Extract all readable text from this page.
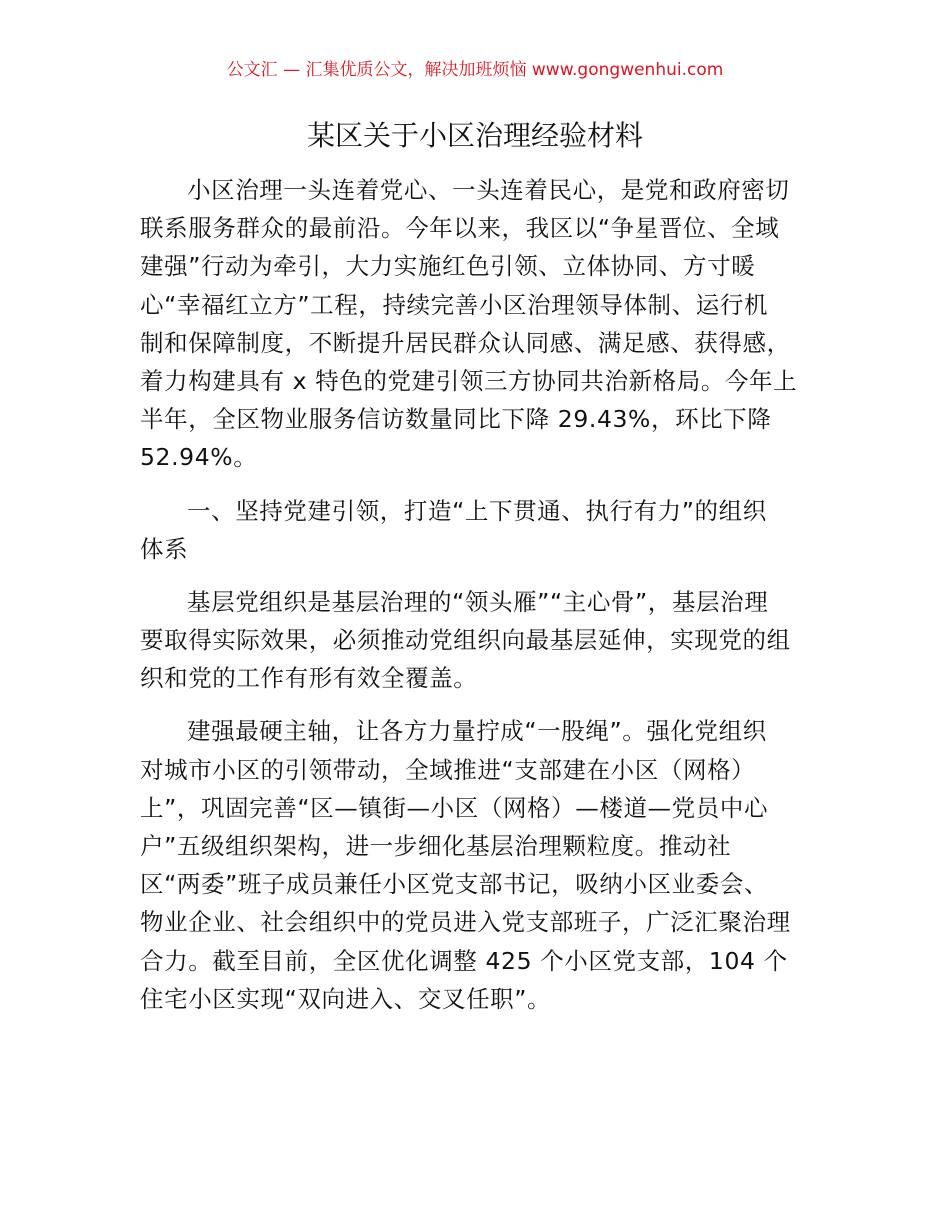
公文汇 — 汇集优质公文，解决加班烦恼 www.gongwenhui.com
某区关于小区治理经验材料
小区治理一头连着党心、一头连着民心，是党和政府密切
联系服务群众的最前沿。今年以来，我区以“争星晋位、全域
建强”行动为牵引，大力实施红色引领、立体协同、方寸暖
心“幸福红立方”工程，持续完善小区治理领导体制、运行机
制和保障制度，不断提升居民群众认同感、满足感、获得感，
着力构建具有 x 特色的党建引领三方协同共治新格局。今年上
半年，全区物业服务信访数量同比下降 29.43%，环比下降
52.94%。
一、坚持党建引领，打造“上下贯通、执行有力”的组织
体系
基层党组织是基层治理的“领头雁”“主心骨”，基层治理
要取得实际效果，必须推动党组织向最基层延伸，实现党的组
织和党的工作有形有效全覆盖。
建强最硬主轴，让各方力量拧成“一股绳”。强化党组织
对城市小区的引领带动，全域推进“支部建在小区（网格）
上”，巩固完善“区—镇街—小区（网格）—楼道—党员中心
户”五级组织架构，进一步细化基层治理颗粒度。推动社
区“两委”班子成员兼任小区党支部书记，吸纳小区业委会、
物业企业、社会组织中的党员进入党支部班子，广泛汇聚治理
合力。截至目前，全区优化调整 425 个小区党支部，104 个
住宅小区实现“双向进入、交叉任职”。
